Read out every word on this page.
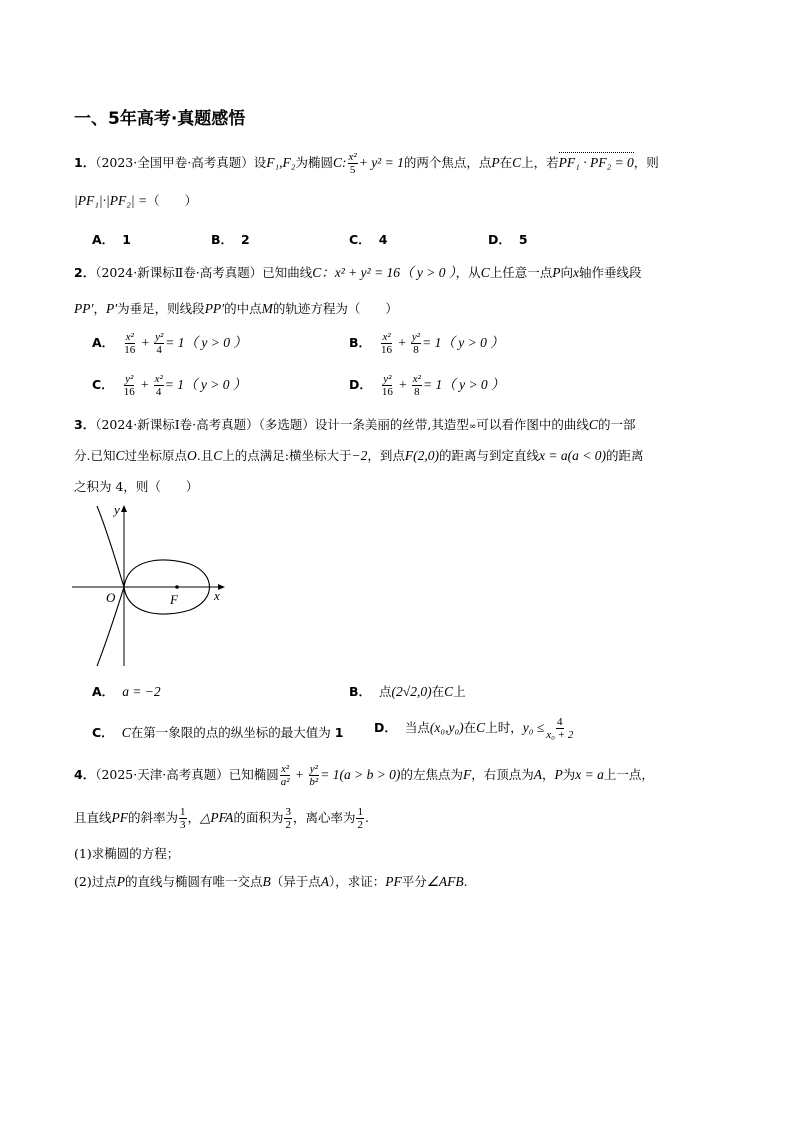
一、5年高考·真题感悟
1．（2023·全国甲卷·高考真题）设F₁,F₂为椭圆C: $\frac{\text{x²}}{5} + y^2 = 1$的两个焦点，点P在C上，若PF₁ · PF₂ = 0，则
|PF₁|·|PF₂| =（　　）
A． 1	B． 2	C． 4	D． 5
2．（2024·新课标Ⅱ卷·高考真题）已知曲线C：x² + y² = 16（ y > 0 ），从C上任意一点P向x轴作垂线段
PP′，P′为垂足，则线段PP′的中点M的轨迹方程为（　　）
A． $\frac{\text{x²}}{16} + \frac{\text{y²}}{4} = 1$（ y > 0 ）	B． $\frac{\text{x²}}{16} + \frac{\text{y²}}{8} = 1$（ y > 0 ）
C． $\frac{\text{y²}}{16} + \frac{\text{x²}}{4} = 1$（ y > 0 ）	D． $\frac{\text{y²}}{16} + \frac{\text{x²}}{8} = 1$（ y > 0 ）
3．（2024·新课标Ⅰ卷·高考真题）（多选题）设计一条美丽的丝带,其造型∞可以看作图中的曲线C的一部
分.已知C过坐标原点O.且C上的点满足:横坐标大于−2，到点F(2,0)的距离与到定直线x = a(a < 0)的距离
之积为 4，则（　　）
y
x
O	F
A． a = −2	B． 点(2√2,0)在C上
C． C在第一象限的点的纵坐标的最大值为 1 D． 当点(x₀,y₀)在C上时，$y_0 \le \frac{4}{\text{x₀ + 2}}$
4．（2025·天津·高考真题）已知椭圆 $\frac{\text{x²}}{\text{a²}} + \frac{\text{y²}}{\text{b²}} = 1(a > b > 0)$的左焦点为F，右顶点为A，P为x = a上一点，
且直线PF的斜率为 $\frac{1}{3}$ ，△PFA的面积为 $\frac{3}{2}$ ，离心率为 $\frac{1}{2}$ .
(1)求椭圆的方程；
(2)过点P的直线与椭圆有唯一交点B（异于点A），求证：PF平分∠AFB.
